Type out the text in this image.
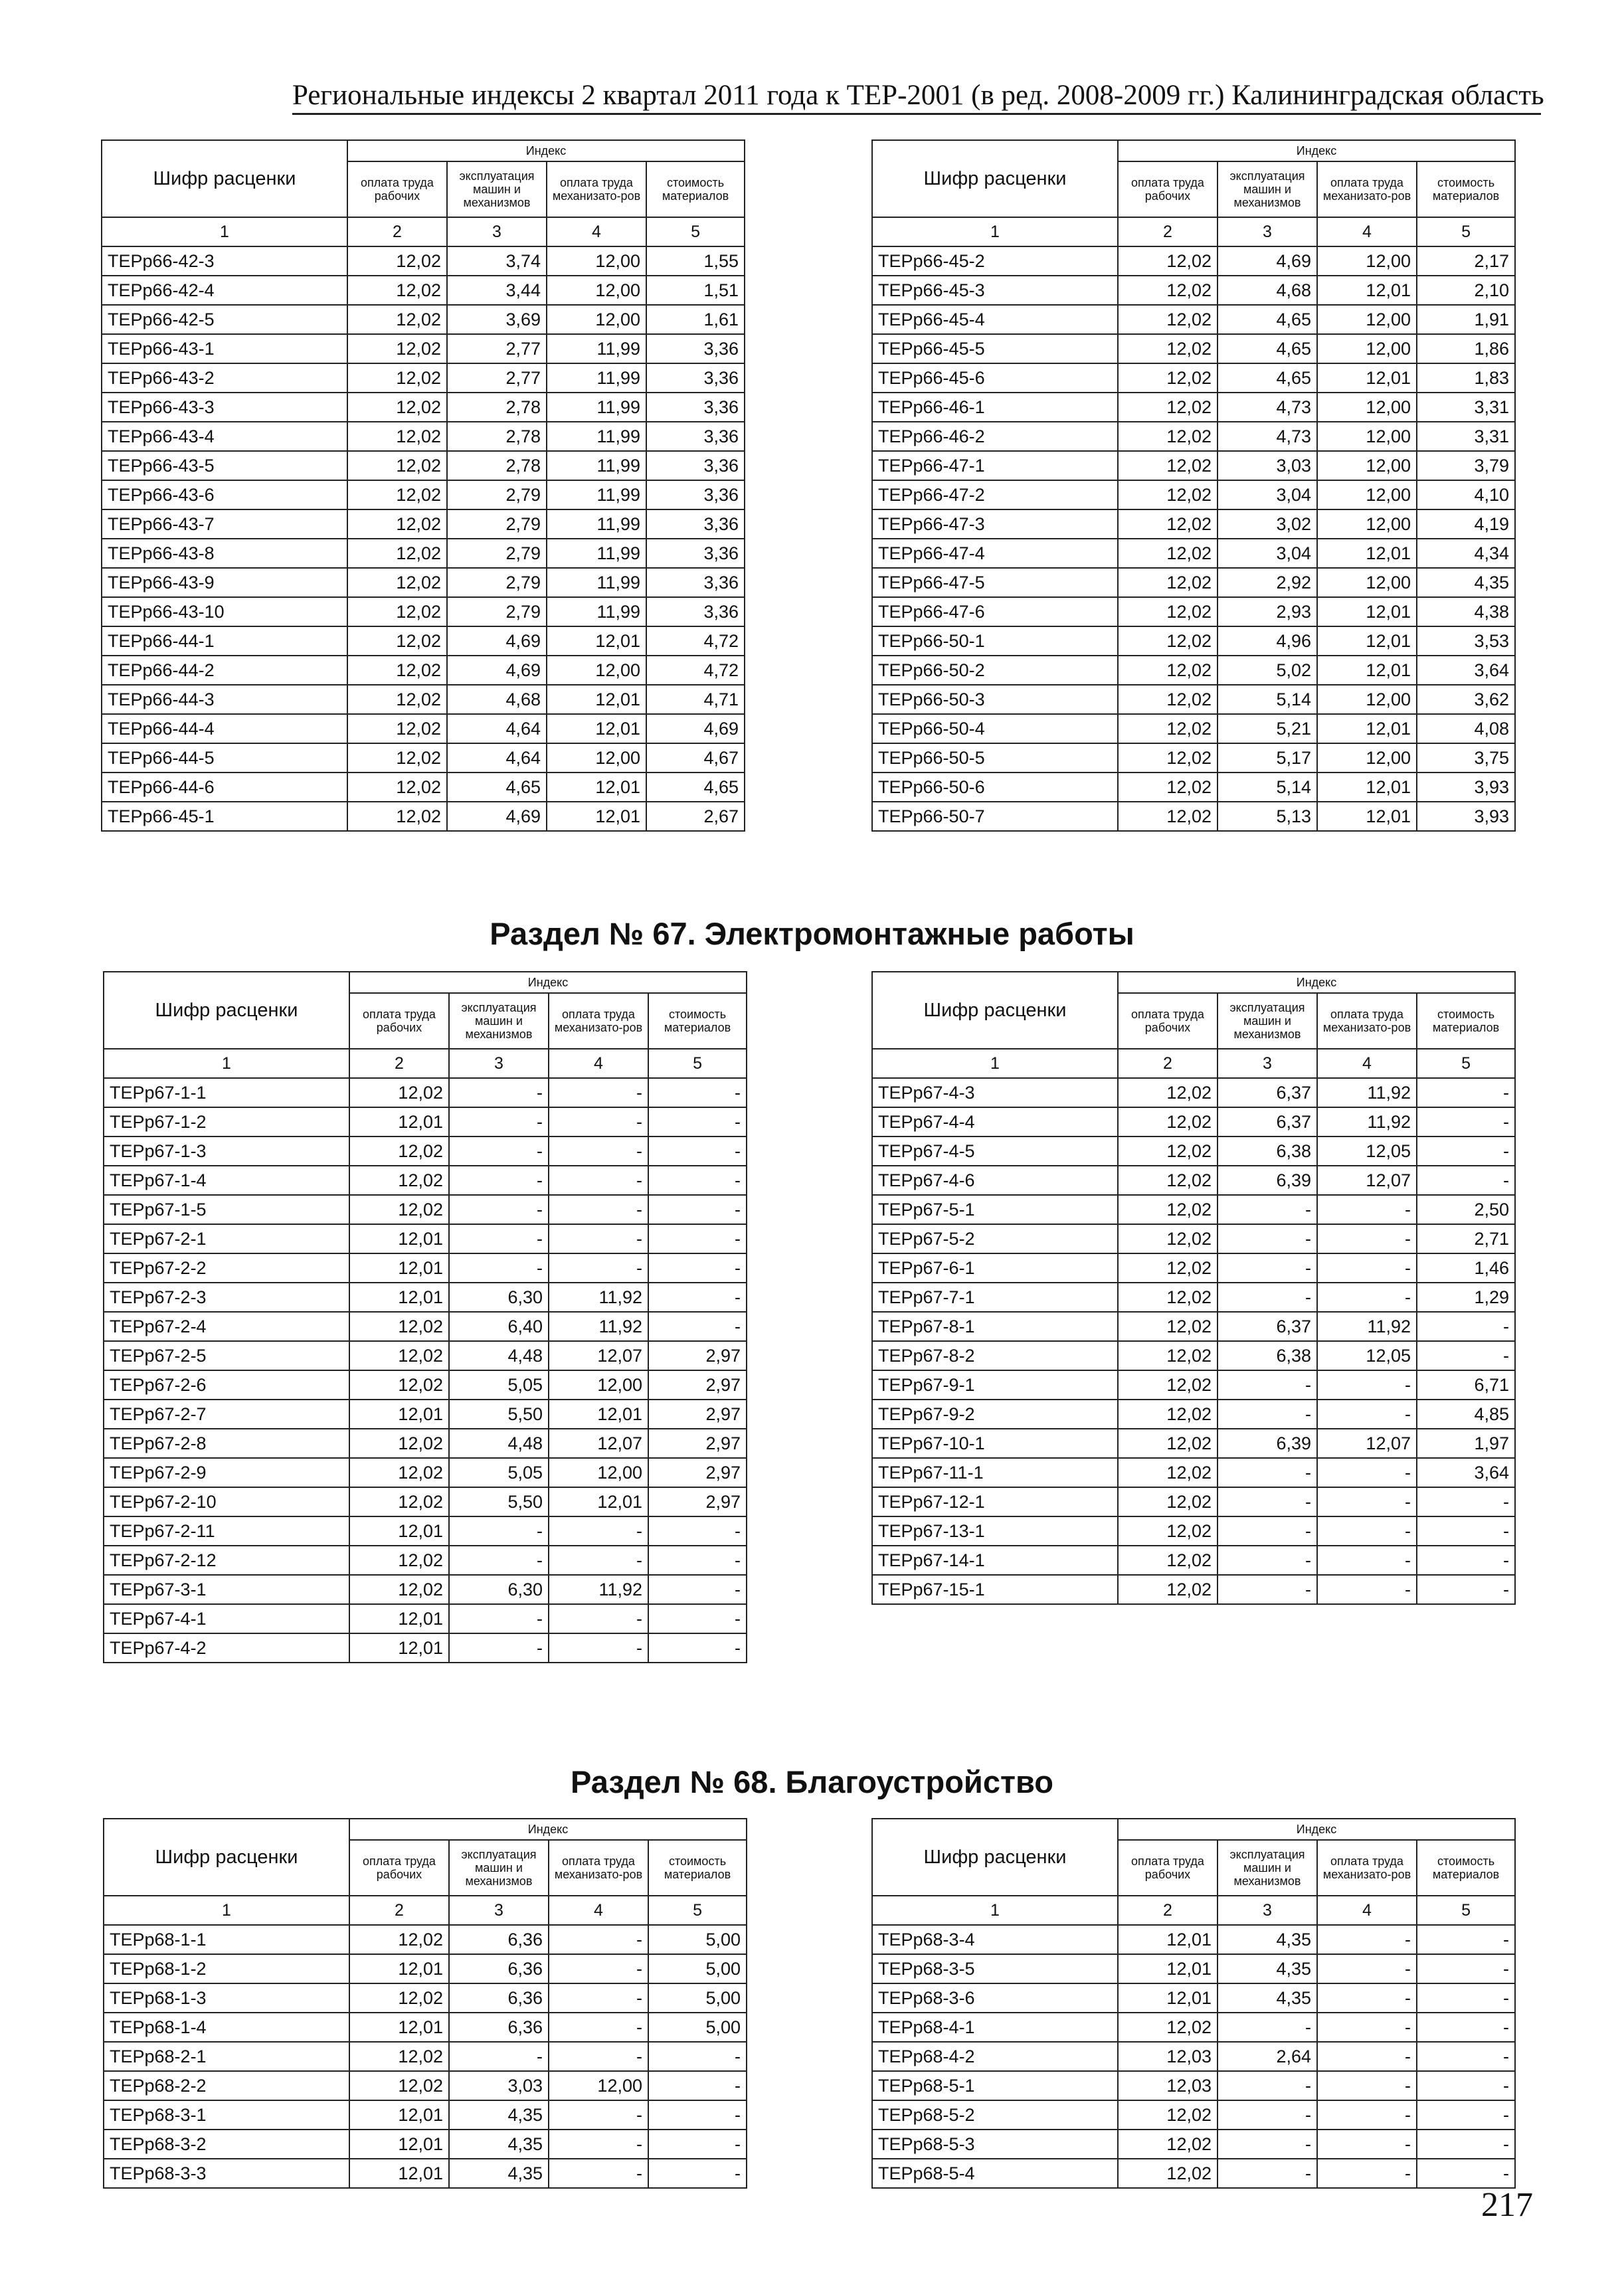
Региональные индексы 2 квартал 2011 года к ТЕР-2001 (в ред. 2008-2009 гг.) Калининградская область
Шифр расценки	Индекс			
	оплата труда рабочих	эксплуатация машин и механизмов	оплата труда механизато-ров	стоимость материалов
1	2	3	4	5
ТЕРр66-42-3	12,02	3,74	12,00	1,55
ТЕРр66-42-4	12,02	3,44	12,00	1,51
ТЕРр66-42-5	12,02	3,69	12,00	1,61
ТЕРр66-43-1	12,02	2,77	11,99	3,36
ТЕРр66-43-2	12,02	2,77	11,99	3,36
ТЕРр66-43-3	12,02	2,78	11,99	3,36
ТЕРр66-43-4	12,02	2,78	11,99	3,36
ТЕРр66-43-5	12,02	2,78	11,99	3,36
ТЕРр66-43-6	12,02	2,79	11,99	3,36
ТЕРр66-43-7	12,02	2,79	11,99	3,36
ТЕРр66-43-8	12,02	2,79	11,99	3,36
ТЕРр66-43-9	12,02	2,79	11,99	3,36
ТЕРр66-43-10	12,02	2,79	11,99	3,36
ТЕРр66-44-1	12,02	4,69	12,01	4,72
ТЕРр66-44-2	12,02	4,69	12,00	4,72
ТЕРр66-44-3	12,02	4,68	12,01	4,71
ТЕРр66-44-4	12,02	4,64	12,01	4,69
ТЕРр66-44-5	12,02	4,64	12,00	4,67
ТЕРр66-44-6	12,02	4,65	12,01	4,65
ТЕРр66-45-1	12,02	4,69	12,01	2,67
Шифр расценки	Индекс			
	оплата труда рабочих	эксплуатация машин и механизмов	оплата труда механизато-ров	стоимость материалов
1	2	3	4	5
ТЕРр66-45-2	12,02	4,69	12,00	2,17
ТЕРр66-45-3	12,02	4,68	12,01	2,10
ТЕРр66-45-4	12,02	4,65	12,00	1,91
ТЕРр66-45-5	12,02	4,65	12,00	1,86
ТЕРр66-45-6	12,02	4,65	12,01	1,83
ТЕРр66-46-1	12,02	4,73	12,00	3,31
ТЕРр66-46-2	12,02	4,73	12,00	3,31
ТЕРр66-47-1	12,02	3,03	12,00	3,79
ТЕРр66-47-2	12,02	3,04	12,00	4,10
ТЕРр66-47-3	12,02	3,02	12,00	4,19
ТЕРр66-47-4	12,02	3,04	12,01	4,34
ТЕРр66-47-5	12,02	2,92	12,00	4,35
ТЕРр66-47-6	12,02	2,93	12,01	4,38
ТЕРр66-50-1	12,02	4,96	12,01	3,53
ТЕРр66-50-2	12,02	5,02	12,01	3,64
ТЕРр66-50-3	12,02	5,14	12,00	3,62
ТЕРр66-50-4	12,02	5,21	12,01	4,08
ТЕРр66-50-5	12,02	5,17	12,00	3,75
ТЕРр66-50-6	12,02	5,14	12,01	3,93
ТЕРр66-50-7	12,02	5,13	12,01	3,93
Раздел № 67. Электромонтажные работы
Шифр расценки	Индекс			
	оплата труда рабочих	эксплуатация машин и механизмов	оплата труда механизато-ров	стоимость материалов
1	2	3	4	5
ТЕРр67-1-1	12,02	-	-	-
ТЕРр67-1-2	12,01	-	-	-
ТЕРр67-1-3	12,02	-	-	-
ТЕРр67-1-4	12,02	-	-	-
ТЕРр67-1-5	12,02	-	-	-
ТЕРр67-2-1	12,01	-	-	-
ТЕРр67-2-2	12,01	-	-	-
ТЕРр67-2-3	12,01	6,30	11,92	-
ТЕРр67-2-4	12,02	6,40	11,92	-
ТЕРр67-2-5	12,02	4,48	12,07	2,97
ТЕРр67-2-6	12,02	5,05	12,00	2,97
ТЕРр67-2-7	12,01	5,50	12,01	2,97
ТЕРр67-2-8	12,02	4,48	12,07	2,97
ТЕРр67-2-9	12,02	5,05	12,00	2,97
ТЕРр67-2-10	12,02	5,50	12,01	2,97
ТЕРр67-2-11	12,01	-	-	-
ТЕРр67-2-12	12,02	-	-	-
ТЕРр67-3-1	12,02	6,30	11,92	-
ТЕРр67-4-1	12,01	-	-	-
ТЕРр67-4-2	12,01	-	-	-
Шифр расценки	Индекс			
	оплата труда рабочих	эксплуатация машин и механизмов	оплата труда механизато-ров	стоимость материалов
1	2	3	4	5
ТЕРр67-4-3	12,02	6,37	11,92	-
ТЕРр67-4-4	12,02	6,37	11,92	-
ТЕРр67-4-5	12,02	6,38	12,05	-
ТЕРр67-4-6	12,02	6,39	12,07	-
ТЕРр67-5-1	12,02	-	-	2,50
ТЕРр67-5-2	12,02	-	-	2,71
ТЕРр67-6-1	12,02	-	-	1,46
ТЕРр67-7-1	12,02	-	-	1,29
ТЕРр67-8-1	12,02	6,37	11,92	-
ТЕРр67-8-2	12,02	6,38	12,05	-
ТЕРр67-9-1	12,02	-	-	6,71
ТЕРр67-9-2	12,02	-	-	4,85
ТЕРр67-10-1	12,02	6,39	12,07	1,97
ТЕРр67-11-1	12,02	-	-	3,64
ТЕРр67-12-1	12,02	-	-	-
ТЕРр67-13-1	12,02	-	-	-
ТЕРр67-14-1	12,02	-	-	-
ТЕРр67-15-1	12,02	-	-	-
Раздел № 68. Благоустройство
Шифр расценки	Индекс			
	оплата труда рабочих	эксплуатация машин и механизмов	оплата труда механизато-ров	стоимость материалов
1	2	3	4	5
ТЕРр68-1-1	12,02	6,36	-	5,00
ТЕРр68-1-2	12,01	6,36	-	5,00
ТЕРр68-1-3	12,02	6,36	-	5,00
ТЕРр68-1-4	12,01	6,36	-	5,00
ТЕРр68-2-1	12,02	-	-	-
ТЕРр68-2-2	12,02	3,03	12,00	-
ТЕРр68-3-1	12,01	4,35	-	-
ТЕРр68-3-2	12,01	4,35	-	-
ТЕРр68-3-3	12,01	4,35	-	-
Шифр расценки	Индекс			
	оплата труда рабочих	эксплуатация машин и механизмов	оплата труда механизато-ров	стоимость материалов
1	2	3	4	5
ТЕРр68-3-4	12,01	4,35	-	-
ТЕРр68-3-5	12,01	4,35	-	-
ТЕРр68-3-6	12,01	4,35	-	-
ТЕРр68-4-1	12,02	-	-	-
ТЕРр68-4-2	12,03	2,64	-	-
ТЕРр68-5-1	12,03	-	-	-
ТЕРр68-5-2	12,02	-	-	-
ТЕРр68-5-3	12,02	-	-	-
ТЕРр68-5-4	12,02	-	-	-
217
